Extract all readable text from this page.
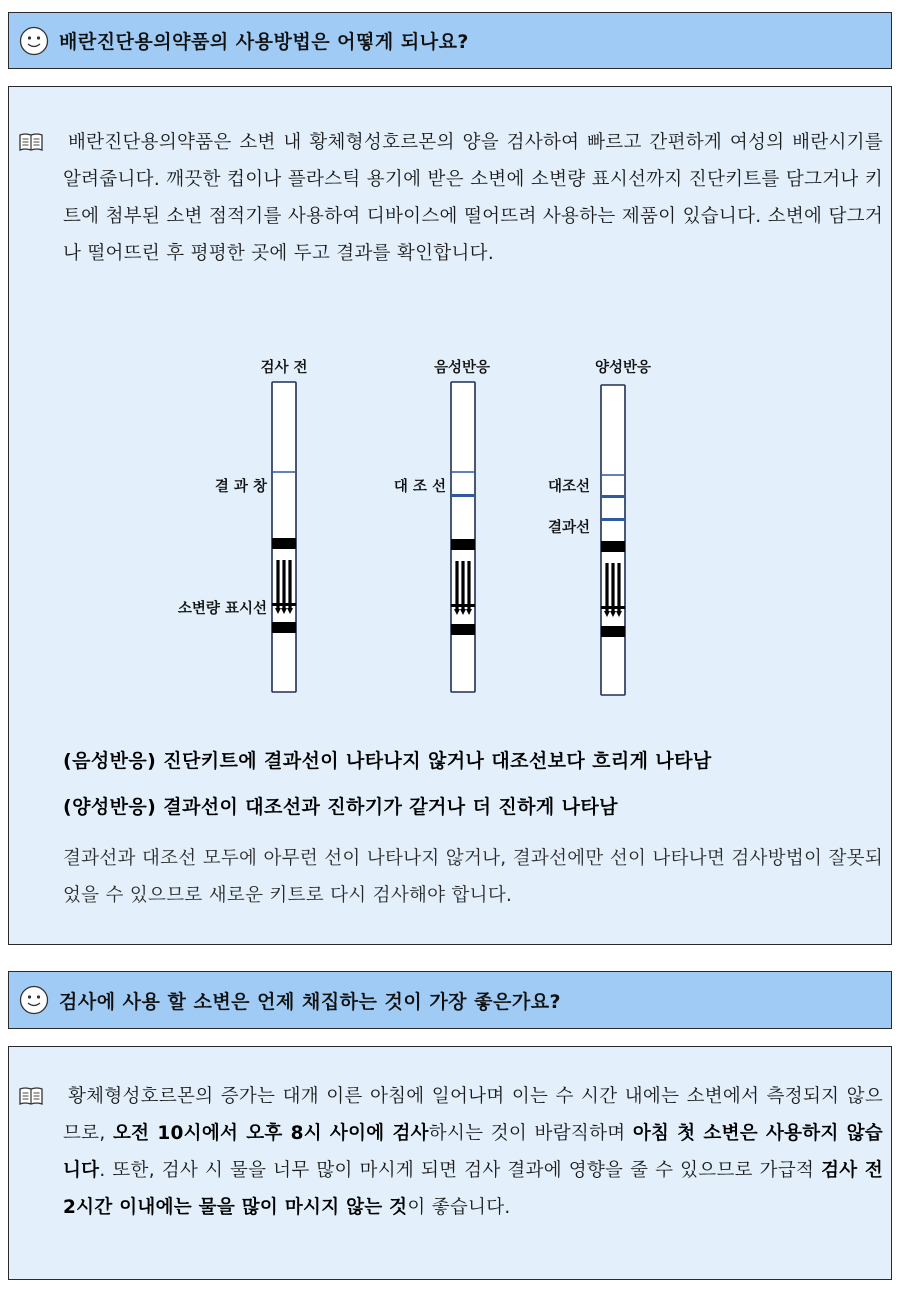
배란진단용의약품의 사용방법은 어떻게 되나요?
배란진단용의약품은 소변 내 황체형성호르몬의 양을 검사하여 빠르고 간편하게 여성의 배란시기를 알려줍니다. 깨끗한 컵이나 플라스틱 용기에 받은 소변에 소변량 표시선까지 진단키트를 담그거나 키트에 첨부된 소변 점적기를 사용하여 디바이스에 떨어뜨려 사용하는 제품이 있습니다. 소변에 담그거나 떨어뜨린 후 평평한 곳에 두고 결과를 확인합니다.
검사 전	음성반응	양성반응
결 과 창
소변량 표시선
대 조 선	대조선
결과선
(음성반응) 진단키트에 결과선이 나타나지 않거나 대조선보다 흐리게 나타남
(양성반응) 결과선이 대조선과 진하기가 같거나 더 진하게 나타남
결과선과 대조선 모두에 아무런 선이 나타나지 않거나, 결과선에만 선이 나타나면 검사방법이 잘못되었을 수 있으므로 새로운 키트로 다시 검사해야 합니다.
검사에 사용 할 소변은 언제 채집하는 것이 가장 좋은가요?
황체형성호르몬의 증가는 대개 이른 아침에 일어나며 이는 수 시간 내에는 소변에서 측정되지 않으므로, 오전 10시에서 오후 8시 사이에 검사하시는 것이 바람직하며 아침 첫 소변은 사용하지 않습니다. 또한, 검사 시 물을 너무 많이 마시게 되면 검사 결과에 영향을 줄 수 있으므로 가급적 검사 전 2시간 이내에는 물을 많이 마시지 않는 것이 좋습니다.
